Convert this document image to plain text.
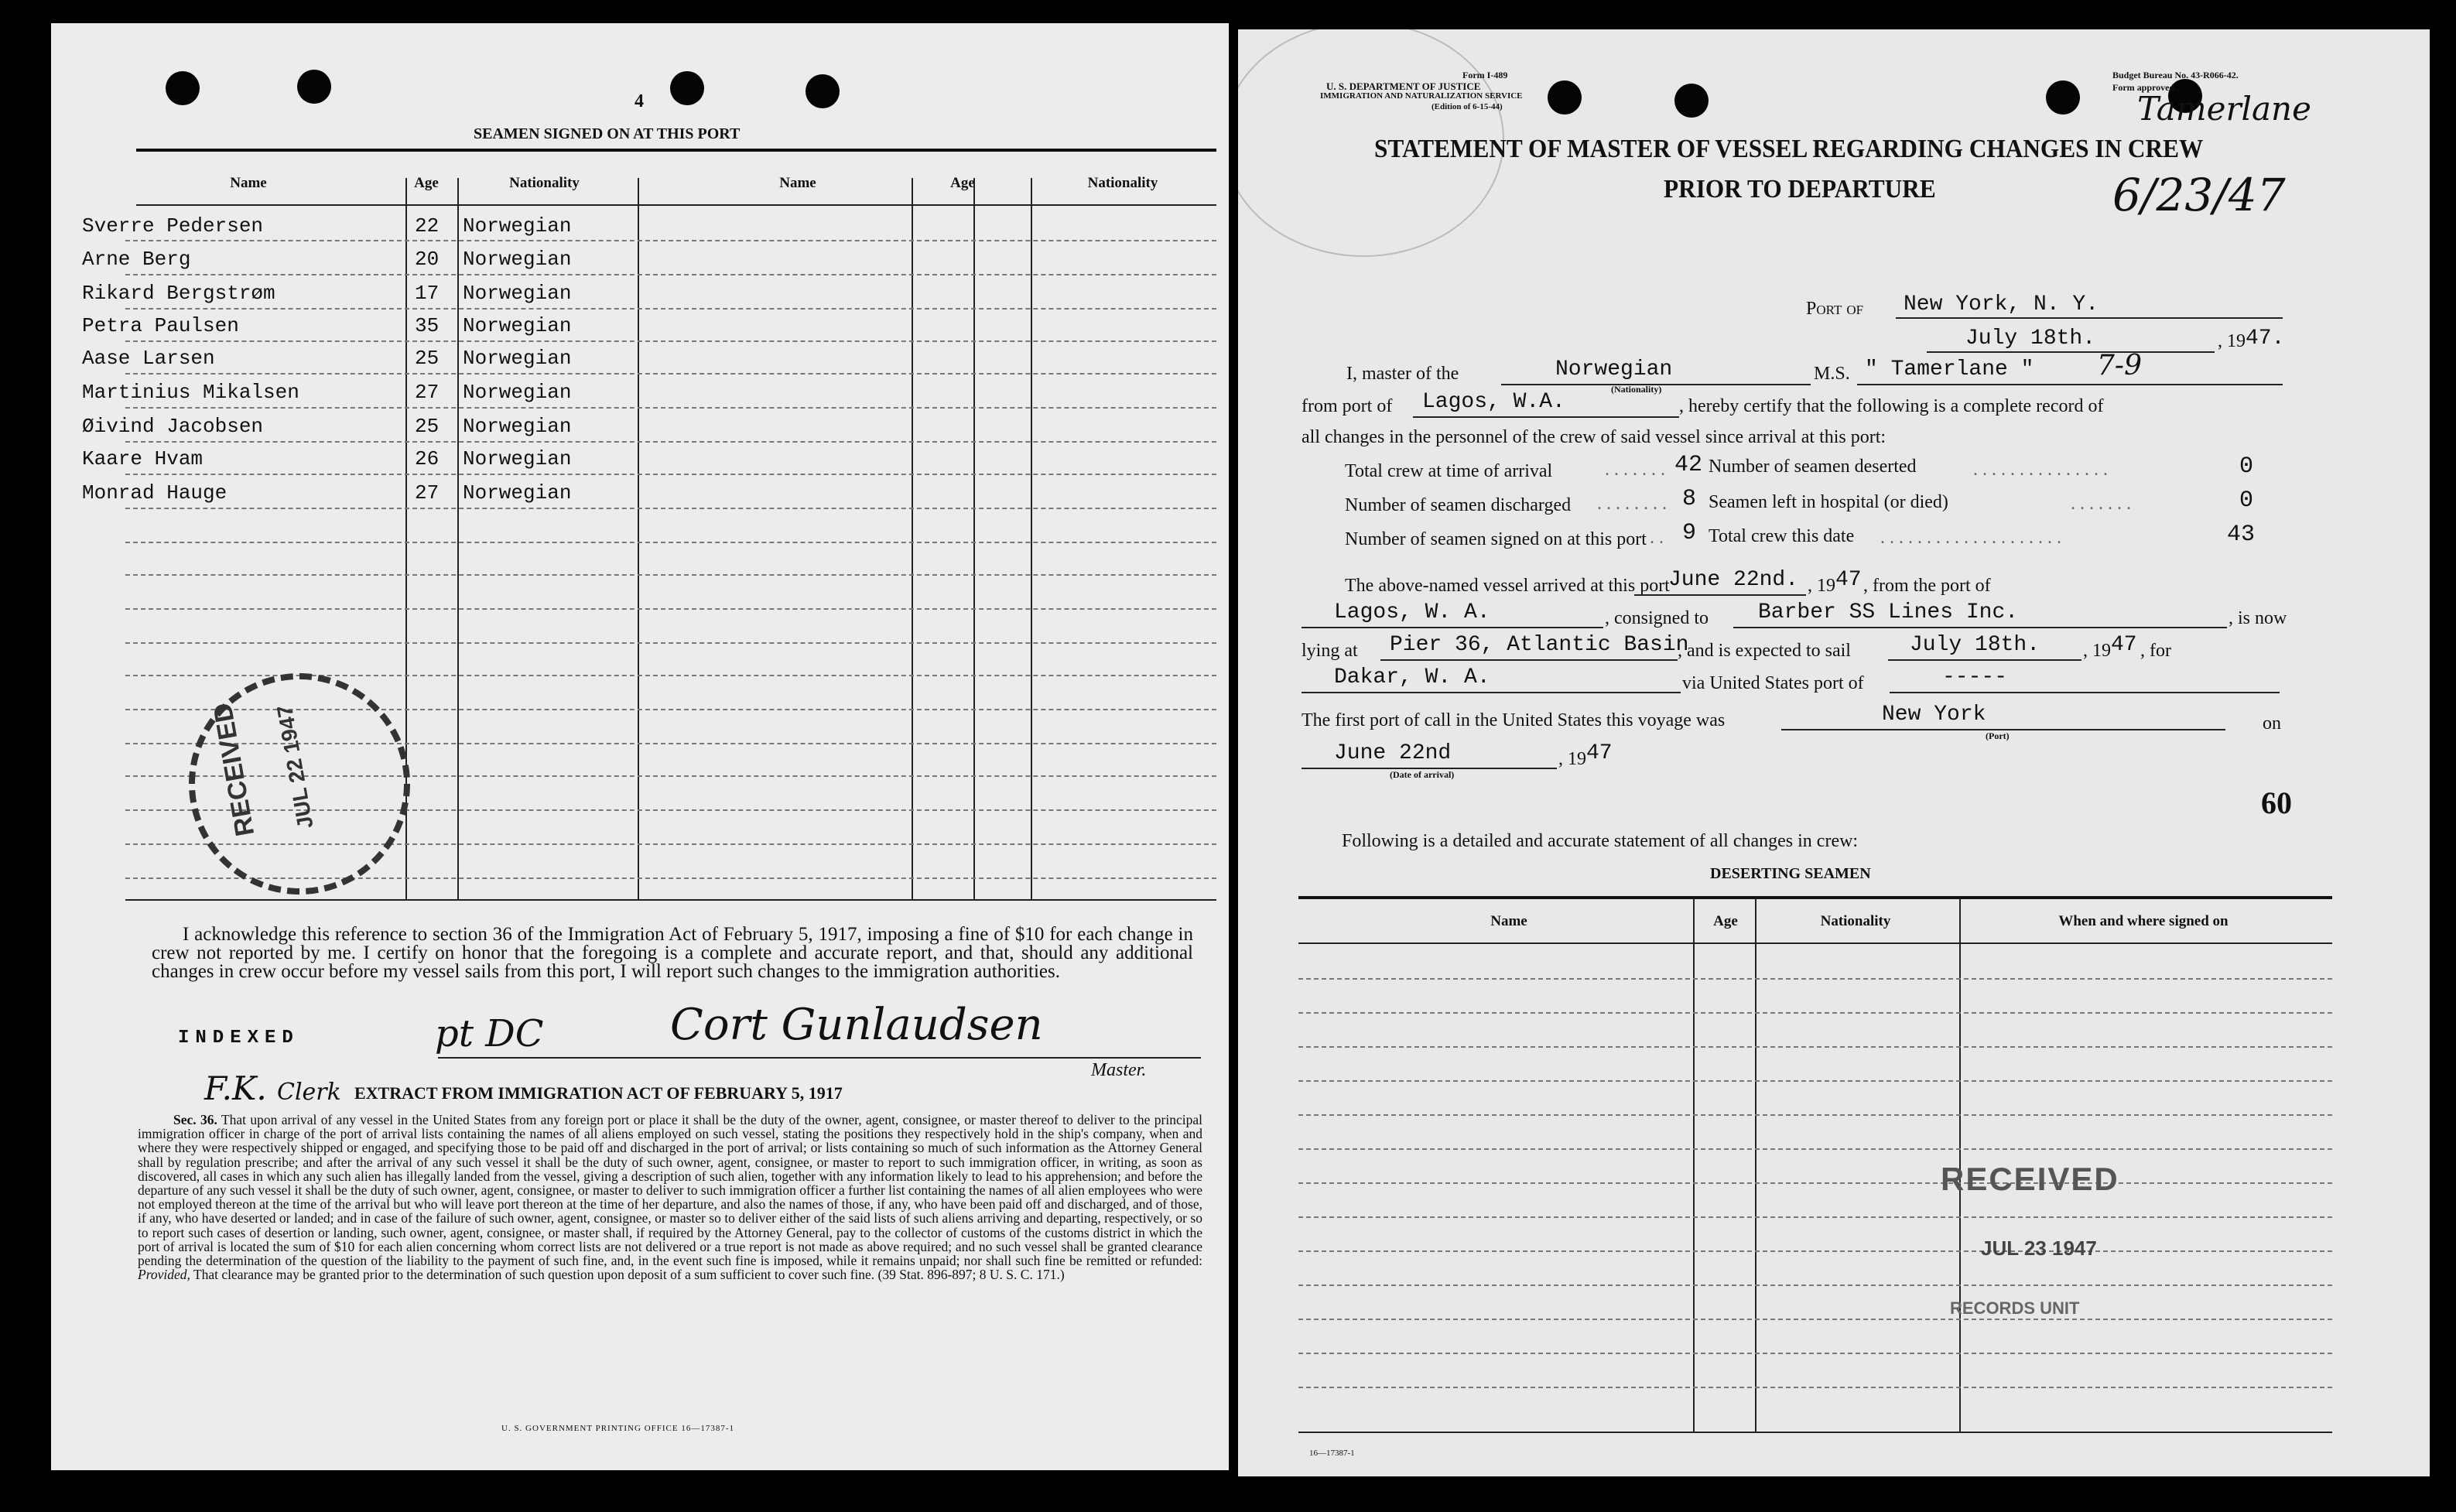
4
SEAMEN SIGNED ON AT THIS PORT
Name	Age	Nationality	Name	Age	Nationality
Sverre Pedersen	22 Norwegian
Arne Berg	20 Norwegian
Rikard Bergstrøm	17 Norwegian
Petra Paulsen	35 Norwegian
Aase Larsen	25 Norwegian
Martinius Mikalsen	27 Norwegian
Øivind Jacobsen	25 Norwegian
Kaare Hvam	26 Norwegian
Monrad Hauge	27 Norwegian
RECEIVED JUL 22 1947
I acknowledge this reference to section 36 of the Immigration Act of February 5, 1917, imposing a fine of $10 for each change in crew not reported by me. I certify on honor that the foregoing is a complete and accurate report, and that, should any additional changes in crew occur before my vessel sails from this port, I will report such changes to the immigration authorities.
INDEXED	pt DC	Cort Gunlaudsen
Master.
F.K. Clerk EXTRACT FROM IMMIGRATION ACT OF FEBRUARY 5, 1917
Sec. 36. That upon arrival of any vessel in the United States from any foreign port or place it shall be the duty of the owner, agent, consignee, or master thereof to deliver to the principal immigration officer in charge of the port of arrival lists containing the names of all aliens employed on such vessel, stating the positions they respectively hold in the ship's company, when and where they were respectively shipped or engaged, and specifying those to be paid off and discharged in the port of arrival; or lists containing so much of such information as the Attorney General shall by regulation prescribe; and after the arrival of any such vessel it shall be the duty of such owner, agent, consignee, or master to report to such immigration officer, in writing, as soon as discovered, all cases in which any such alien has illegally landed from the vessel, giving a description of such alien, together with any information likely to lead to his apprehension; and before the departure of any such vessel it shall be the duty of such owner, agent, consignee, or master to deliver to such immigration officer a further list containing the names of all alien employees who were not employed thereon at the time of the arrival but who will leave port thereon at the time of her departure, and also the names of those, if any, who have been paid off and discharged, and of those, if any, who have deserted or landed; and in case of the failure of such owner, agent, consignee, or master so to deliver either of the said lists of such aliens arriving and departing, respectively, or so to report such cases of desertion or landing, such owner, agent, consignee, or master shall, if required by the Attorney General, pay to the collector of customs of the customs district in which the port of arrival is located the sum of $10 for each alien concerning whom correct lists are not delivered or a true report is not made as above required; and no such vessel shall be granted clearance pending the determination of the question of the liability to the payment of such fine, and, in the event such fine is imposed, while it remains unpaid; nor shall such fine be remitted or refunded: Provided, That clearance may be granted prior to the determination of such question upon deposit of a sum sufficient to cover such fine. (39 Stat. 896-897; 8 U. S. C. 171.)
U. S. GOVERNMENT PRINTING OFFICE 16—17387-1
Form I-489
U. S. DEPARTMENT OF JUSTICE
IMMIGRATION AND NATURALIZATION SERVICE
(Edition of 6-15-44)
Budget Bureau No. 43-R066-42.
Form approved.
Tamerlane
6/23/47
STATEMENT OF MASTER OF VESSEL REGARDING CHANGES IN CREW
PRIOR TO DEPARTURE
Port of New York, N. Y.
July 18th.	, 19 47.
I, master of the	Norwegian
(Nationality)
M.S. " Tamerlane " 7-9
from port of Lagos, W.A.	, hereby certify that the following is a complete record of
all changes in the personnel of the crew of said vessel since arrival at this port:
Total crew at time of arrival	....... 42 Number of seamen deserted	...............	0
Number of seamen discharged ........ 8 Seamen left in hospital (or died)	.......	0
Number of seamen signed on at this port .. 9 Total crew this date ....................	43
The above-named vessel arrived at this port
June 22nd. , 19 47 , from the port of
Lagos, W. A.	, consigned to Barber SS Lines Inc.	, is now
lying at Pier 36, Atlantic Basin
, and is expected to sail	July 18th. , 19 47 , for
Dakar, W. A.	via United States port of	-----
The first port of call in the United States this voyage was	New York
(Port)
on
June 22nd
(Date of arrival)
, 19 47
60
Following is a detailed and accurate statement of all changes in crew:
DESERTING SEAMEN
Name	Age	Nationality	When and where signed on
RECEIVED
JUL 23 1947
RECORDS UNIT
16—17387-1
